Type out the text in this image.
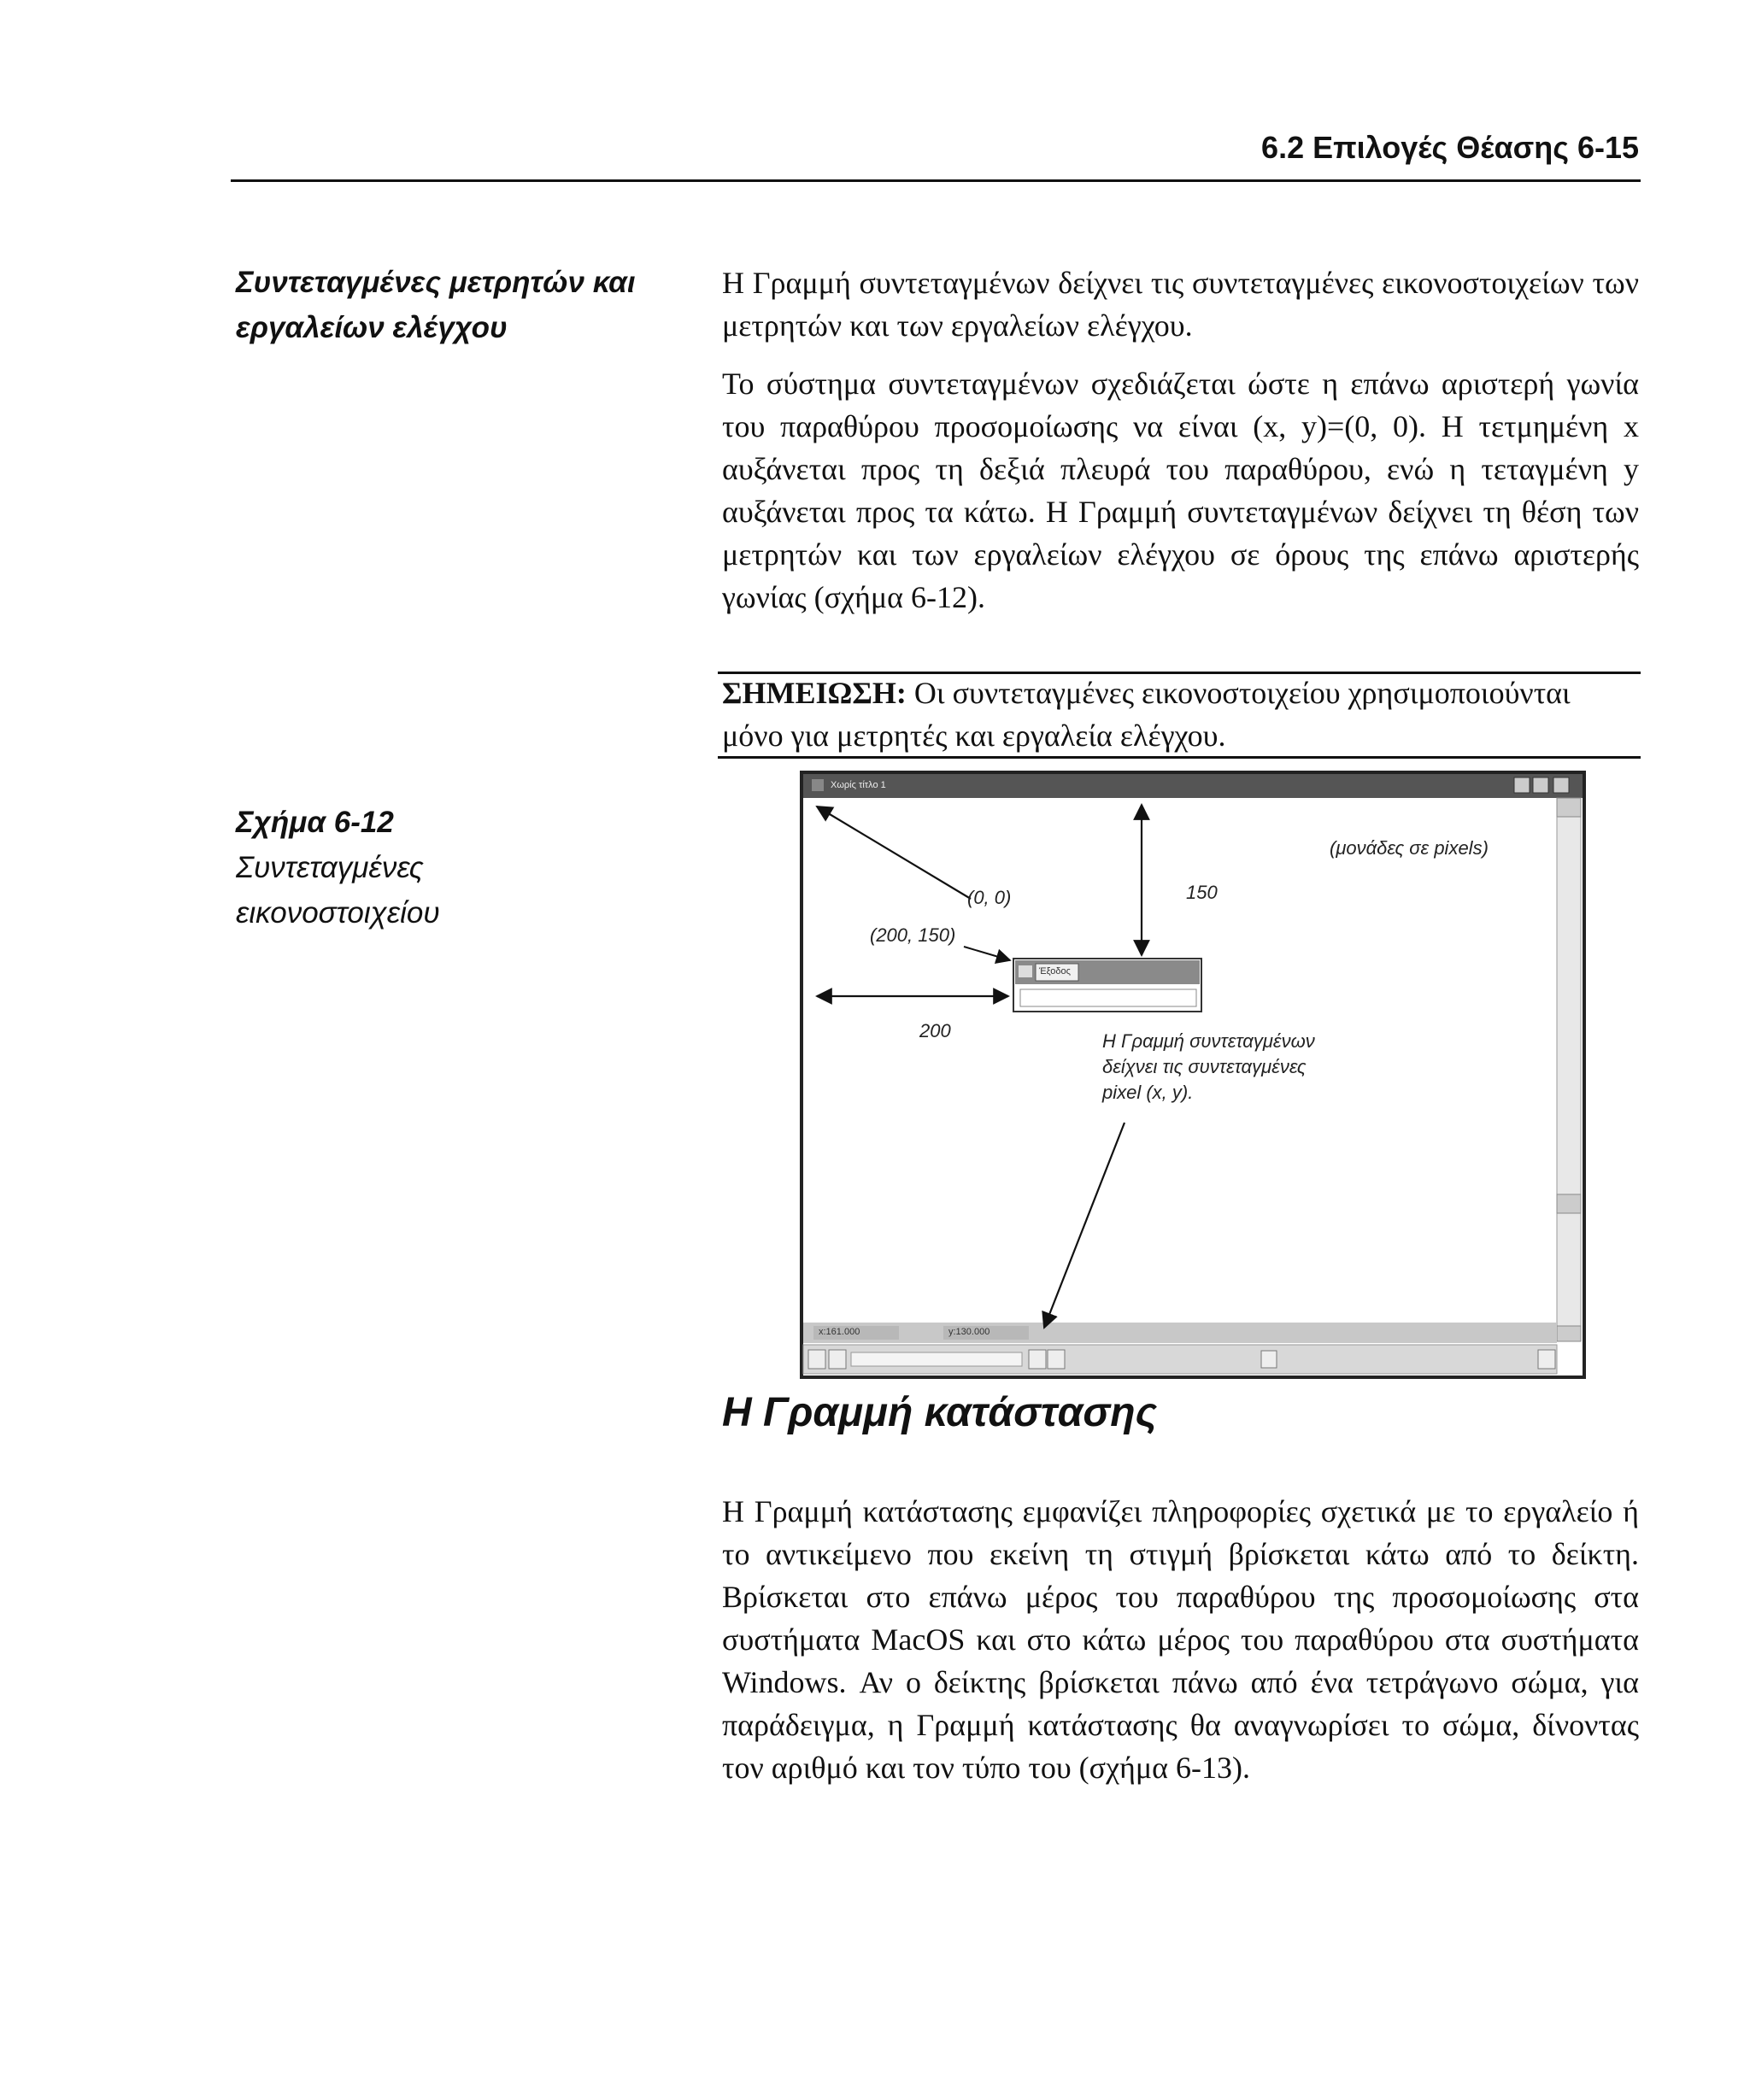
6.2 Επιλογές Θέασης 6-15
Συντεταγμένες μετρητών και εργαλείων ελέγχου
Σχήμα 6-12
Συντεταγμένες εικονοστοιχείου

Η Γραμμή συντεταγμένων δείχνει τις συντεταγμένες εικονοστοιχείων των μετρητών και των εργαλείων ελέγχου.

Το σύστημα συντεταγμένων σχεδιάζεται ώστε η επάνω αριστερή γωνία του παραθύρου προσομοίωσης να είναι (x, y)=(0, 0). Η τετμημένη x αυξάνεται προς τη δεξιά πλευρά του παραθύρου, ενώ η τεταγμένη y αυξάνεται προς τα κάτω. Η Γραμμή συντεταγμένων δείχνει τη θέση των μετρητών και των εργαλείων ελέγχου σε όρους της επάνω αριστερής γωνίας (σχήμα 6-12).

ΣΗΜΕΙΩΣΗ: Οι συντεταγμένες εικονοστοιχείου χρησιμοποιούνται μόνο για μετρητές και εργαλεία ελέγχου.
Χωρίς τίτλο 1
(μονάδες σε pixels)
(0, 0)	150
(200, 150)
200
Έξοδος
Η Γραμμή συντεταγμένων
δείχνει τις συντεταγμένες
pixel (x, y).
x:161.000	y:130.000
Η Γραμμή κατάστασης

Η Γραμμή κατάστασης εμφανίζει πληροφορίες σχετικά με το εργαλείο ή το αντικείμενο που εκείνη τη στιγμή βρίσκεται κάτω από το δείκτη. Βρίσκεται στο επάνω μέρος του παραθύρου της προσομοίωσης στα συστήματα MacOS και στο κάτω μέρος του παραθύρου στα συστήματα Windows. Αν ο δείκτης βρίσκεται πάνω από ένα τετράγωνο σώμα, για παράδειγμα, η Γραμμή κατάστασης θα αναγνωρίσει το σώμα, δίνοντας τον αριθμό και τον τύπο του (σχήμα 6-13).
